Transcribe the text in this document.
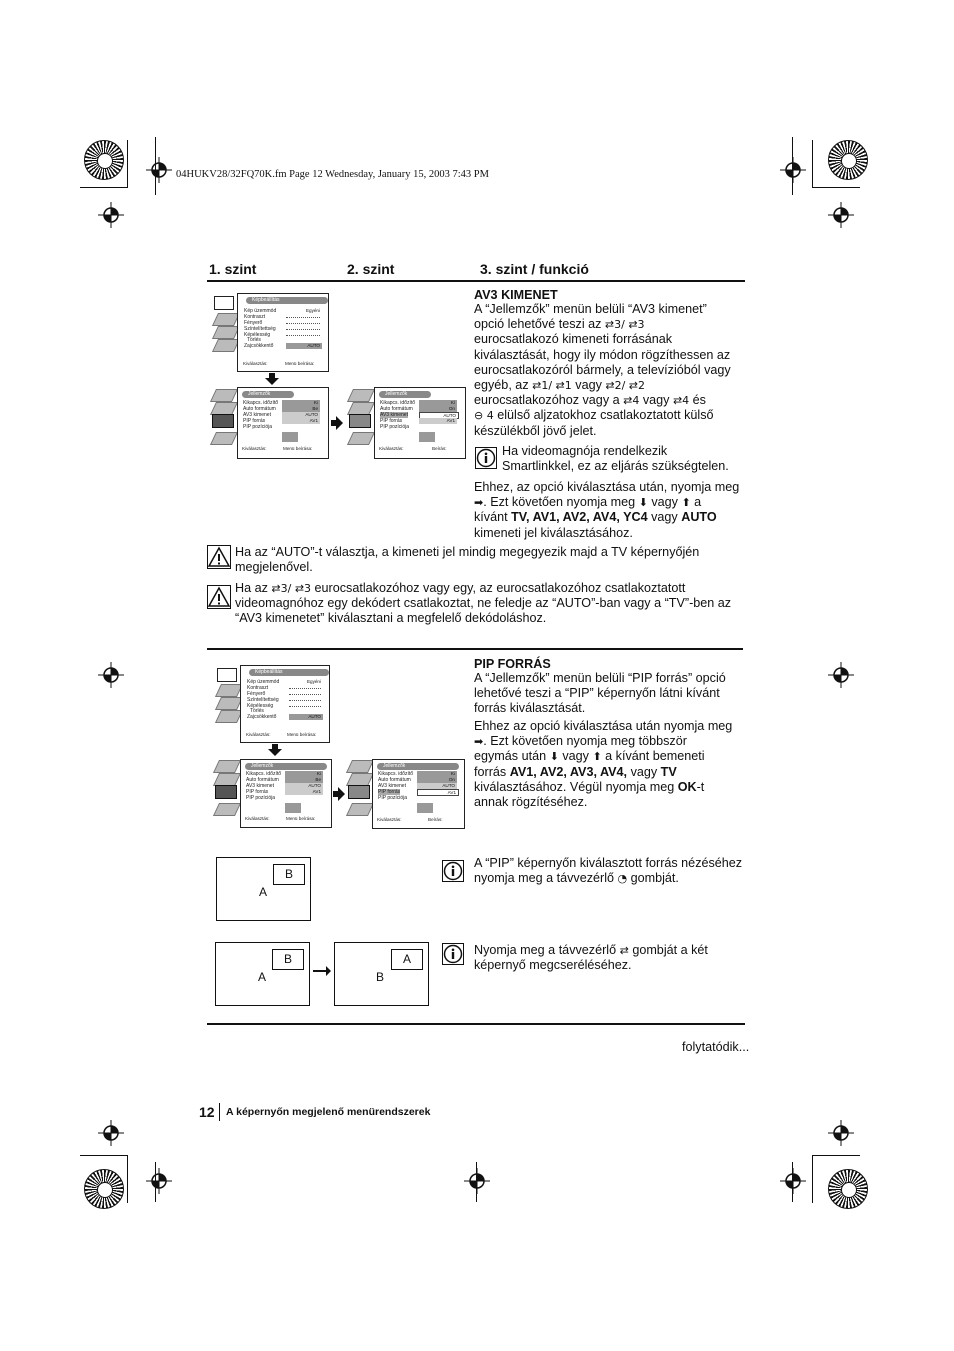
04HUKV28/32FQ70K.fm Page 12 Wednesday, January 15, 2003 7:43 PM
1. szint	2. szint	3. szint / funkció
Képbeállítás
Kép üzemmód
Kontraszt
Fényerő
Színtelítettség
Képélesség
Törlés
Zajcsökkentő
Egyéni
AUTO
Kiválasztás:	Menü beírása:
Jellemzők
Kikapcs. időzítő
Auto formátum
AV3 kimenet
PIP forrás
PIP pozíciója
Ki
Be
AUTO
AV1
Kiválasztás:	Menü beírása:
Jellemzők
Kikapcs. időzítő
Auto formátum
AV3 kimenet
PIP forrás
PIP pozíciója
Ki
On
AUTO
AV1
Kiválasztás:	Beírás:
AV3 KIMENET
A “Jellemzők” menün belüli “AV3 kimenet”
opció lehetővé teszi az ⇄3/ ⇄3
eurocsatlakozó kimeneti forrásának
kiválasztását, hogy ily módon rögzíthessen az
eurocsatlakozóról bármely, a televízióból vagy
egyéb, az ⇄1/ ⇄1 vagy ⇄2/ ⇄2
eurocsatlakozóhoz vagy a ⇄4 vagy ⇄4 és
⊖ 4 elülső aljzatokhoz csatlakoztatott külső
készülékből jövő jelet.
Ha videomagnója rendelkezik
Smartlinkkel, ez az eljárás szükségtelen.
Ehhez, az opció kiválasztása után, nyomja meg
➡. Ezt követően nyomja meg ⬇ vagy ⬆ a
kívánt TV, AV1, AV2, AV4, YC4 vagy AUTO
kimeneti jel kiválasztásához.
Ha az “AUTO”-t választja, a kimeneti jel mindig megegyezik majd a TV képernyőjén
megjelenővel.
Ha az ⇄3/ ⇄3 eurocsatlakozóhoz vagy egy, az eurocsatlakozóhoz csatlakoztatott
videomagnóhoz egy dekódert csatlakoztat, ne feledje az “AUTO”-ban vagy a “TV”-ben az
“AV3 kimenetet” kiválasztani a megfelelő dekódoláshoz.
Képbeállítás
Kép üzemmód
Kontraszt
Fényerő
Színtelítettség
Képélesség
Törlés
Zajcsökkentő
Egyéni
AUTO
Kiválasztás:	Menü beírása:
Jellemzők
Kikapcs. időzítő
Auto formátum
AV3 kimenet
PIP forrás
PIP pozíciója
Ki
Be
AUTO
AV1
Kiválasztás:	Menü beírása:
Jellemzők
Kikapcs. időzítő
Auto formátum
AV3 kimenet
PIP forrás
PIP pozíciója
Ki
On
AUTO
AV1
Kiválasztás:	Beírás:
PIP FORRÁS
A “Jellemzők” menün belüli “PIP forrás” opció
lehetővé teszi a “PIP” képernyőn látni kívánt
forrás kiválasztását.
Ehhez az opció kiválasztása után nyomja meg
➡. Ezt követően nyomja meg többször
egymás után ⬇ vagy ⬆ a kívánt bemeneti
forrás AV1, AV2, AV3, AV4, vagy TV
kiválasztásához. Végül nyomja meg OK-t
annak rögzítéséhez.
A
B
A “PIP” képernyőn kiválasztott forrás nézéséhez
nyomja meg a távvezérlő ◔ gombját.
A
B
B
A
Nyomja meg a távvezérlő ⇄ gombját a két
képernyő megcseréléséhez.
folytatódik...
12 A képernyőn megjelenő menürendszerek
